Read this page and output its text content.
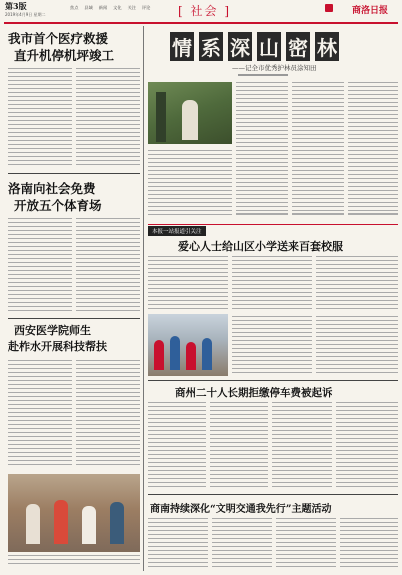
第3版
2019年4月9日 星期二
焦点 县域 新闻 文化 关注 评论 [ 社会 ]	商洛日报
我市首个医疗救援
直升机停机坪竣工
洛南向社会免费
开放五个体育场
西安医学院师生
赴柞水开展科技帮扶
情 系 深 山 密 林
——记全市优秀护林员涂知田
本报一站报道引关注
爱心人士给山区小学送来百套校服
商州二十人长期拒缴停车费被起诉
商南持续深化“文明交通我先行”主题活动
